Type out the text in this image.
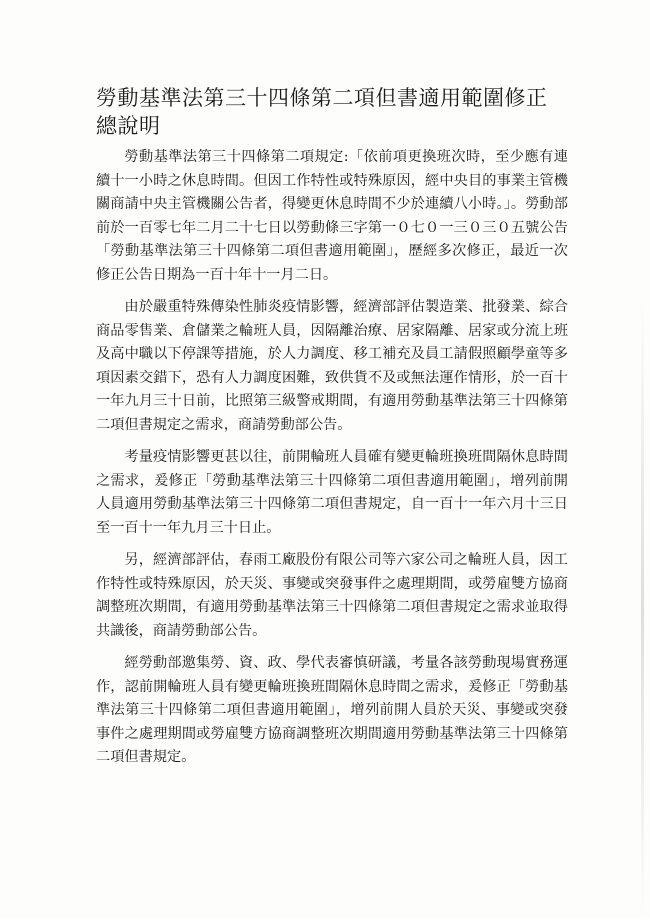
勞動基準法第三十四條第二項但書適用範圍修正總說明

勞動基準法第三十四條第二項規定:「依前項更換班次時，至少應有連續十一小時之休息時間。但因工作特性或特殊原因，經中央目的事業主管機關商請中央主管機關公告者，得變更休息時間不少於連續八小時。」。勞動部前於一百零七年二月二十七日以勞動條三字第一０七０一三０三０五號公告「勞動基準法第三十四條第二項但書適用範圍」，歷經多次修正，最近一次修正公告日期為一百十年十一月二日。

由於嚴重特殊傳染性肺炎疫情影響，經濟部評估製造業、批發業、綜合商品零售業、倉儲業之輪班人員，因隔離治療、居家隔離、居家或分流上班及高中職以下停課等措施，於人力調度、移工補充及員工請假照顧學童等多項因素交錯下，恐有人力調度困難，致供貨不及或無法運作情形，於一百十一年九月三十日前，比照第三級警戒期間，有適用勞動基準法第三十四條第二項但書規定之需求，商請勞動部公告。

考量疫情影響更甚以往，前開輪班人員確有變更輪班換班間隔休息時間之需求，爰修正「勞動基準法第三十四條第二項但書適用範圍」，增列前開人員適用勞動基準法第三十四條第二項但書規定，自一百十一年六月十三日至一百十一年九月三十日止。

另，經濟部評估，春雨工廠股份有限公司等六家公司之輪班人員，因工作特性或特殊原因，於天災、事變或突發事件之處理期間，或勞雇雙方協商調整班次期間，有適用勞動基準法第三十四條第二項但書規定之需求並取得共識後，商請勞動部公告。

經勞動部邀集勞、資、政、學代表審慎研議，考量各該勞動現場實務運作，認前開輪班人員有變更輪班換班間隔休息時間之需求，爰修正「勞動基準法第三十四條第二項但書適用範圍」，增列前開人員於天災、事變或突發事件之處理期間或勞雇雙方協商調整班次期間適用勞動基準法第三十四條第二項但書規定。
